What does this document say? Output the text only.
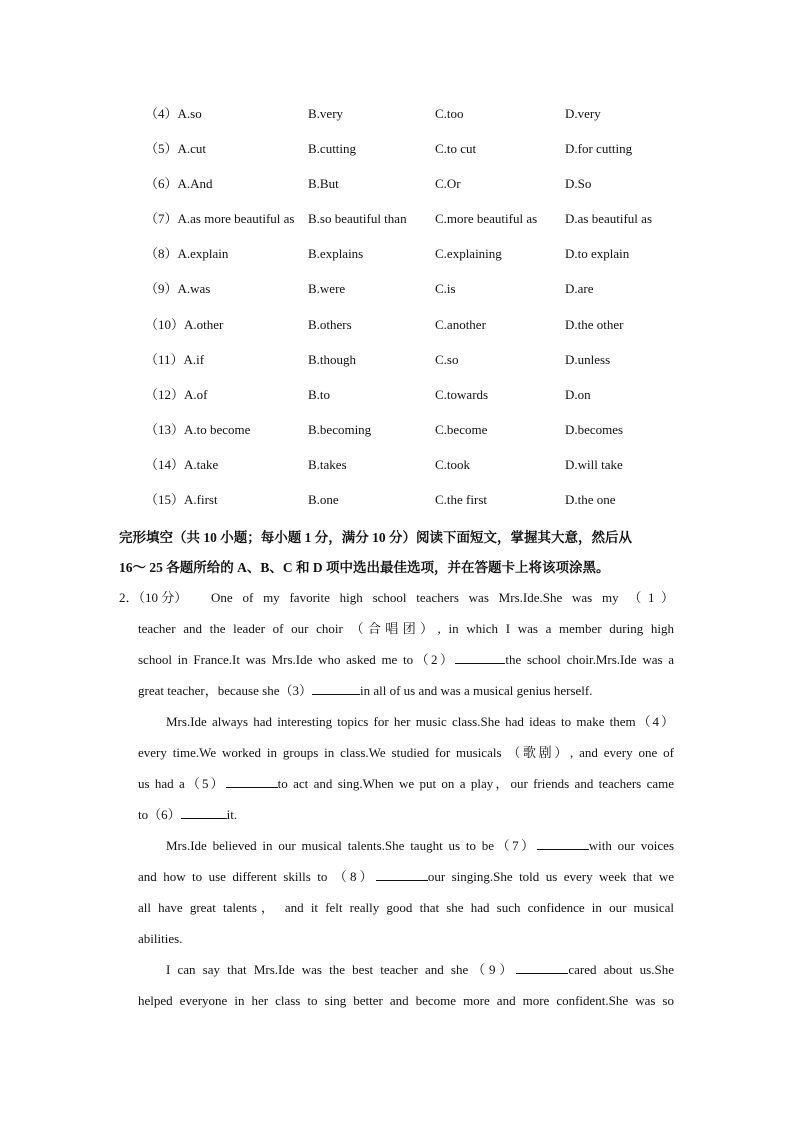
（4）A.so	B.very	C.too	D.very
（5）A.cut	B.cutting	C.to cut	D.for cutting
（6）A.And	B.But	C.Or	D.So
（7）A.as more beautiful as B.so beautiful than C.more beautiful as D.as beautiful as
（8）A.explain	B.explains	C.explaining	D.to explain
（9）A.was	B.were	C.is	D.are
（10）A.other	B.others	C.another	D.the other
（11）A.if	B.though	C.so	D.unless
（12）A.of	B.to	C.towards	D.on
（13）A.to become	B.becoming	C.become	D.becomes
（14）A.take	B.takes	C.took	D.will take
（15）A.first	B.one	C.the first	D.the one
完形填空（共 10 小题；每小题 1 分，满分 10 分）阅读下面短文，掌握其大意，然后从
16～ 25 各题所给的 A、B、C 和 D 项中选出最佳选项，并在答题卡上将该项涂黑。
2．（10 分） One of my favorite high school teachers was Mrs.Ide.She was my （1）
teacher and the leader of our choir （合唱团）, in which I was a member during high
school in France.It was Mrs.Ide who asked me to（2）	the school choir.Mrs.Ide was a
great teacher，because she（3）	in all of us and was a musical genius herself.
Mrs.Ide always had interesting topics for her music class.She had ideas to make them（4）
every time.We worked in groups in class.We studied for musicals （歌剧）, and every one of
us had a（5）	to act and sing.When we put on a play，our friends and teachers came
to（6）	it.
Mrs.Ide believed in our musical talents.She taught us to be（7）	with our voices
and how to use different skills to （8）	our singing.She told us every week that we
all have great talents， and it felt really good that she had such confidence in our musical
abilities.
I can say that Mrs.Ide was the best teacher and she（9）	cared about us.She
helped everyone in her class to sing better and become more and more confident.She was so
